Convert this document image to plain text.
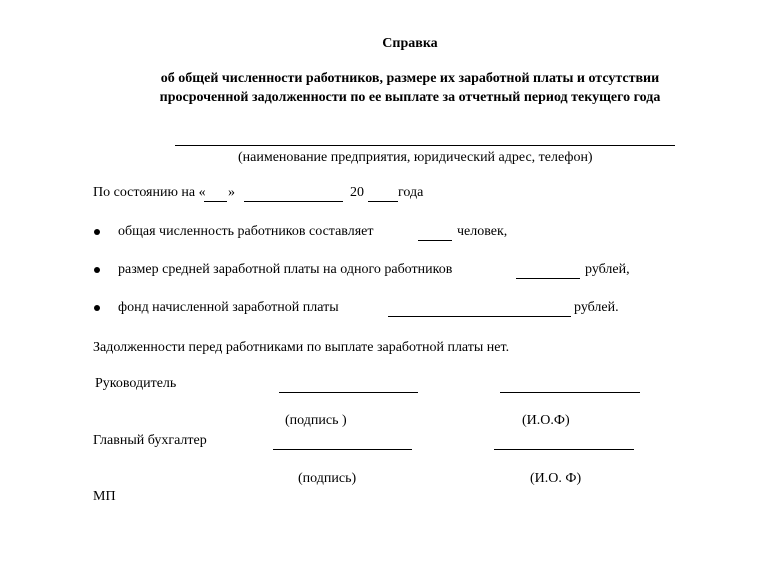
Справка
об общей численности работников, размере их заработной платы и отсутствии
просроченной задолженности по ее выплате за отчетный период текущего года
(наименование предприятия, юридический адрес, телефон)
По состоянию на « »	20 года
общая численность работников составляет	человек,
размер средней заработной платы на одного работников	рублей,
фонд начисленной заработной платы	рублей.
Задолженности перед работниками по выплате заработной платы нет.
Руководитель
(подпись )	(И.О.Ф)
Главный бухгалтер
(подпись)	(И.О. Ф)
МП
